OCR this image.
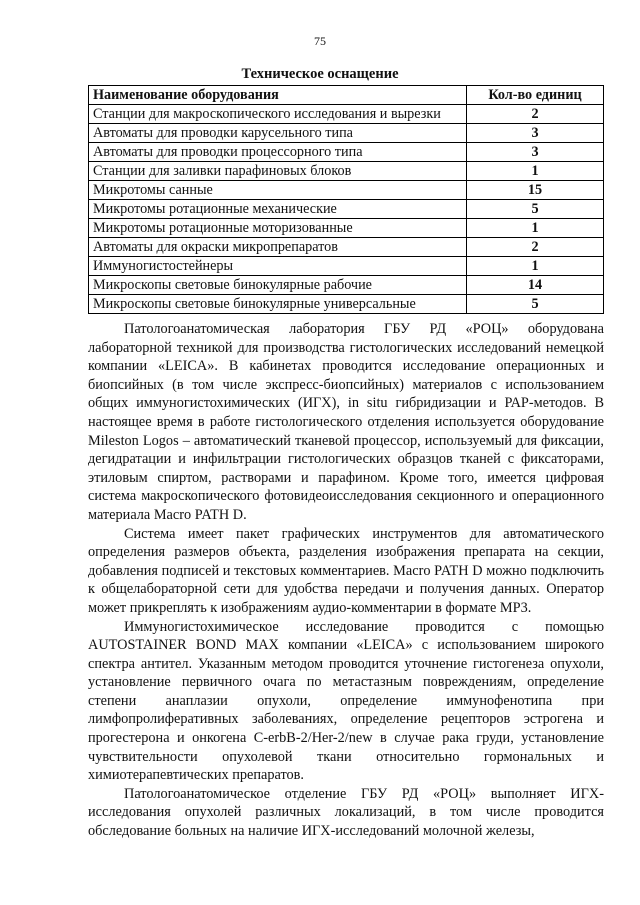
75
Техническое оснащение
Наименование оборудования	Кол-во единиц
Станции для макроскопического исследования и вырезки	2
Автоматы для проводки карусельного типа	3
Автоматы для проводки процессорного типа	3
Станции для заливки парафиновых блоков	1
Микротомы санные	15
Микротомы ротационные механические	5
Микротомы ротационные моторизованные	1
Автоматы для окраски микропрепаратов	2
Иммуногистостейнеры	1
Микроскопы световые бинокулярные рабочие	14
Микроскопы световые бинокулярные универсальные	5

Патологоанатомическая лаборатория ГБУ РД «РОЦ» оборудована лабораторной техникой для производства гистологических исследований немецкой компании «LEICA». В кабинетах проводится исследование операционных и биопсийных (в том числе экспресс-биопсийных) материалов с использованием общих иммуногистохимических (ИГХ), in situ гибридизации и РАР-методов. В настоящее время в работе гистологического отделения используется оборудование Mileston Logos – автоматический тканевой процессор, используемый для фиксации, дегидратации и инфильтрации гистологических образцов тканей с фиксаторами, этиловым спиртом, растворами и парафином. Кроме того, имеется цифровая система макроскопического фотовидеоисследования секционного и операционного материала Macro PATH D.

Система имеет пакет графических инструментов для автоматического определения размеров объекта, разделения изображения препарата на секции, добавления подписей и текстовых комментариев. Macro PATH D можно подключить к общелабораторной сети для удобства передачи и получения данных. Оператор может прикреплять к изображениям аудио-комментарии в формате МР3.

Иммуногистохимическое исследование проводится с помощью AUTOSTAINER BOND MAX компании «LEICA» с использованием широкого спектра антител. Указанным методом проводится уточнение гистогенеза опухоли, установление первичного очага по метастазным повреждениям, определение степени анаплазии опухоли, определение иммунофенотипа при лимфопролиферативных заболеваниях, определение рецепторов эстрогена и прогестерона и онкогена C-erbB-2/Her-2/new в случае рака груди, установление чувствительности опухолевой ткани относительно гормональных и химиотерапевтических препаратов.

Патологоанатомическое отделение ГБУ РД «РОЦ» выполняет ИГХ-исследования опухолей различных локализаций, в том числе проводится обследование больных на наличие ИГХ-исследований молочной железы,
